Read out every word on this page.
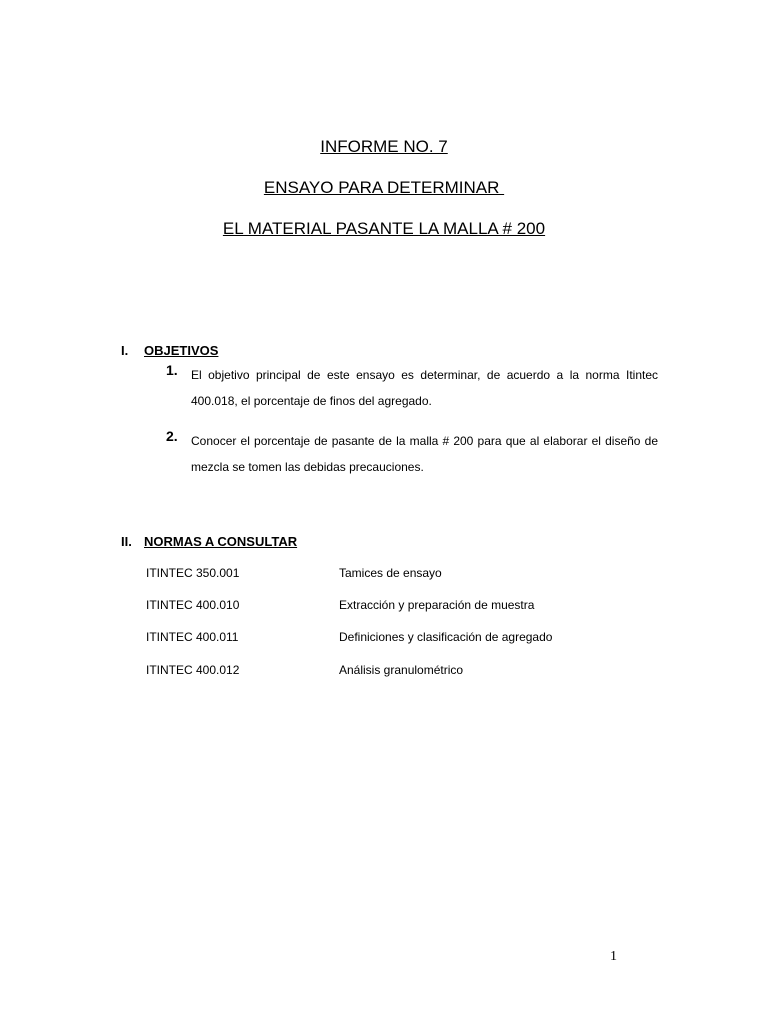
INFORME NO. 7
ENSAYO PARA DETERMINAR
EL MATERIAL PASANTE LA MALLA # 200
I. OBJETIVOS
1. El objetivo principal de este ensayo es determinar, de acuerdo a la norma Itintec 400.018, el porcentaje de finos del agregado.
2. Conocer el porcentaje de pasante de la malla # 200 para que al elaborar el diseño de mezcla se tomen las debidas precauciones.
II. NORMAS A CONSULTAR
ITINTEC 350.001	Tamices de ensayo
ITINTEC 400.010	Extracción y preparación de muestra
ITINTEC 400.011	Definiciones y clasificación de agregado
ITINTEC 400.012	Análisis granulométrico
1
